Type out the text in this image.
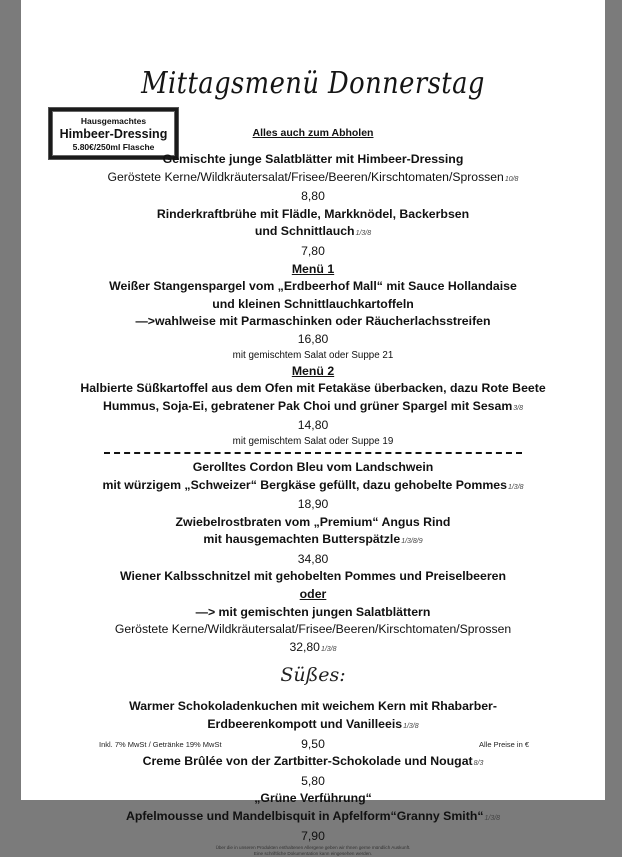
Mittagsmenü Donnerstag
Hausgemachtes
Himbeer-Dressing
5.80€/250ml Flasche
Alles auch zum Abholen

Gemischte junge Salatblätter mit Himbeer-Dressing

Geröstete Kerne/Wildkräutersalat/Frisee/Beeren/Kirschtomaten/Sprossen10/8

8,80

Rinderkraftbrühe mit Flädle, Markknödel, Backerbsen

und Schnittlauch1/3/8

7,80

Menü 1

Weißer Stangenspargel vom „Erdbeerhof Mall“ mit Sauce Hollandaise

und kleinen Schnittlauchkartoffeln

—>wahlweise mit Parmaschinken oder Räucherlachsstreifen

16,80

mit gemischtem Salat oder Suppe 21

Menü 2

Halbierte Süßkartoffel aus dem Ofen mit Fetakäse überbacken, dazu Rote Beete

Hummus, Soja-Ei, gebratener Pak Choi und grüner Spargel mit Sesam3/8

14,80

mit gemischtem Salat oder Suppe 19

Gerolltes Cordon Bleu vom Landschwein

mit würzigem „Schweizer“ Bergkäse gefüllt, dazu gehobelte Pommes1/3/8

18,90

Zwiebelrostbraten vom „Premium“ Angus Rind

mit hausgemachten Butterspätzle1/3/8/9

34,80

Wiener Kalbsschnitzel mit gehobelten Pommes und Preiselbeeren

oder

—> mit gemischten jungen Salatblättern

Geröstete Kerne/Wildkräutersalat/Frisee/Beeren/Kirschtomaten/Sprossen

32,801/3/8

Süßes:

Warmer Schokoladenkuchen mit weichem Kern mit Rhabarber-

Erdbeerenkompott und Vanilleeis1/3/8

9,50

Creme Brûlée von der Zartbitter-Schokolade und Nougat8/3

5,80

„Grüne Verführung“

Apfelmousse und Mandelbisquit in Apfelform“Granny Smith“1/3/8

7,90

Über die in unseren Produkten enthaltenen Allergene geben wir Ihnen gerne mündlich Auskunft.

Eine schriftliche Dokumentation kann eingesehen werden.

Inkl. 7% MwSt / Getränke 19% MwSt	Alle Preise in €
